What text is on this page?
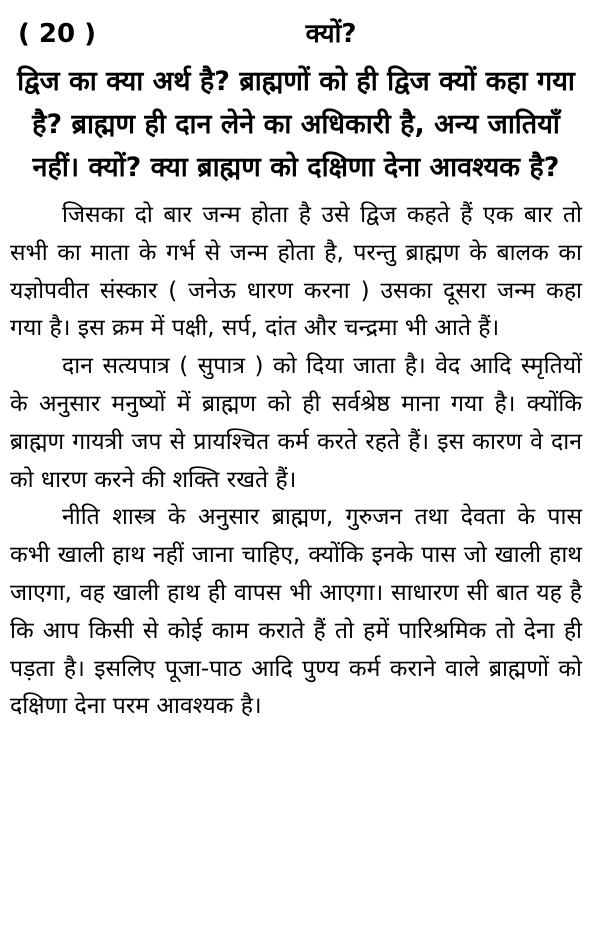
( 20 )	क्यों?
द्विज का क्या अर्थ है? ब्राह्मणों को ही द्विज क्यों कहा गया है? ब्राह्मण ही दान लेने का अधिकारी है, अन्य जातियाँ नहीं। क्यों? क्या ब्राह्मण को दक्षिणा देना आवश्यक है?

जिसका दो बार जन्म होता है उसे द्विज कहते हैं एक बार तो सभी का माता के गर्भ से जन्म होता है, परन्तु ब्राह्मण के बालक का यज्ञोपवीत संस्कार ( जनेऊ धारण करना ) उसका दूसरा जन्म कहा गया है। इस क्रम में पक्षी, सर्प, दांत और चन्द्रमा भी आते हैं।

दान सत्यपात्र ( सुपात्र ) को दिया जाता है। वेद आदि स्मृतियों के अनुसार मनुष्यों में ब्राह्मण को ही सर्वश्रेष्ठ माना गया है। क्योंकि ब्राह्मण गायत्री जप से प्रायश्चित कर्म करते रहते हैं। इस कारण वे दान को धारण करने की शक्ति रखते हैं।

नीति शास्त्र के अनुसार ब्राह्मण, गुरुजन तथा देवता के पास कभी खाली हाथ नहीं जाना चाहिए, क्योंकि इनके पास जो खाली हाथ जाएगा, वह खाली हाथ ही वापस भी आएगा। साधारण सी बात यह है कि आप किसी से कोई काम कराते हैं तो हमें पारिश्रमिक तो देना ही पड़ता है। इसलिए पूजा-पाठ आदि पुण्य कर्म कराने वाले ब्राह्मणों को दक्षिणा देना परम आवश्यक है।
